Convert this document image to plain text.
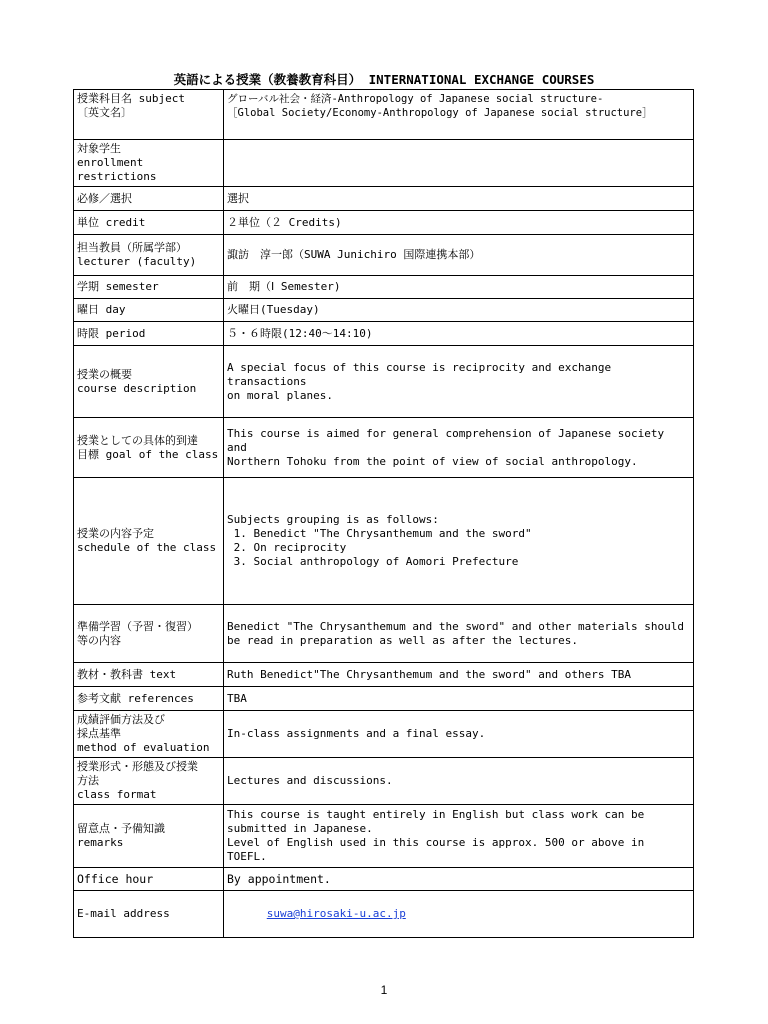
英語による授業（教養教育科目） INTERNATIONAL EXCHANGE COURSES
授業科目名 subject
〔英文名〕	グローバル社会・経済-Anthropology of Japanese social structure-
［Global Society/Economy-Anthropology of Japanese social structure］
対象学生
enrollment
restrictions	
必修／選択	選択
単位 credit	２単位（２ Credits)
担当教員（所属学部）
lecturer (faculty)	諏訪　淳一郎（SUWA Junichiro 国際連携本部）
学期 semester	前　期（Ⅰ Semester)
曜日 day	火曜日(Tuesday)
時限 period	５・６時限(12:40～14:10)
授業の概要
course description	A special focus of this course is reciprocity and exchange transactions
on moral planes.
授業としての具体的到達
目標 goal of the class	This course is aimed for general comprehension of Japanese society and
Northern Tohoku from the point of view of social anthropology.
授業の内容予定
schedule of the class	Subjects grouping is as follows:
1. Benedict "The Chrysanthemum and the sword"
2. On reciprocity
3. Social anthropology of Aomori Prefecture
準備学習（予習・復習）
等の内容	Benedict "The Chrysanthemum and the sword" and other materials should
be read in preparation as well as after the lectures.
教材・教科書 text	Ruth Benedict"The Chrysanthemum and the sword" and others TBA
参考文献 references	TBA
成績評価方法及び
採点基準
method of evaluation	In-class assignments and a final essay.
授業形式・形態及び授業
方法
class format	Lectures and discussions.
留意点・予備知識
remarks	This course is taught entirely in English but class work can be
submitted in Japanese.
Level of English used in this course is approx. 500 or above in TOEFL.
Office hour	By appointment.
E-mail address	suwa@hirosaki-u.ac.jp

1
